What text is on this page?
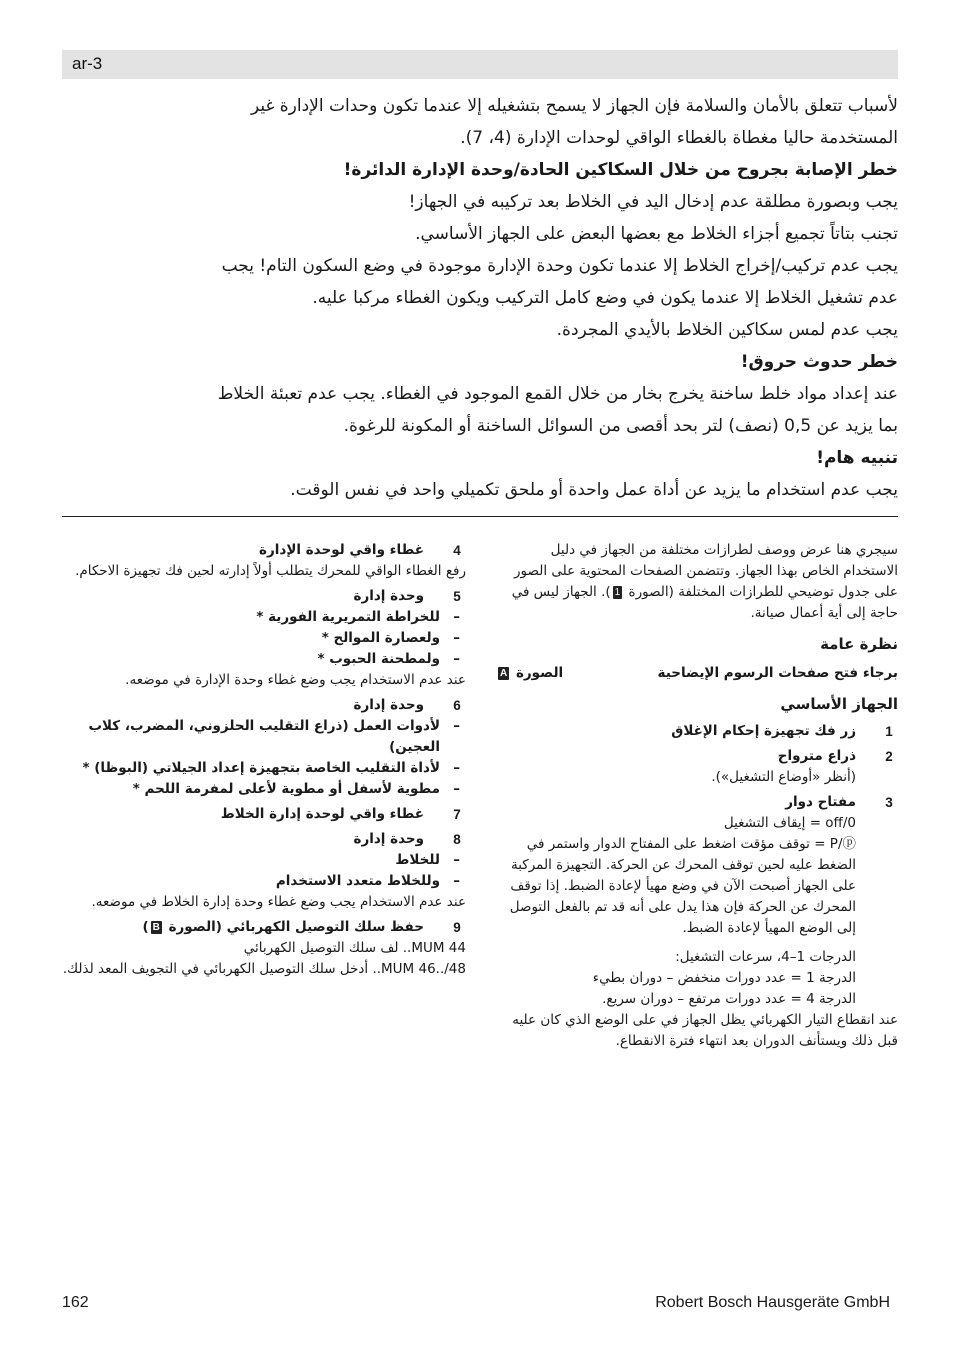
ar-3

لأسباب تتعلق بالأمان والسلامة فإن الجهاز لا يسمح بتشغيله إلا عندما تكون وحدات الإدارة غير

المستخدمة حاليا مغطاة بالغطاء الواقي لوحدات الإدارة (4، 7).

خطر الإصابة بجروح من خلال السكاكين الحادة/وحدة الإدارة الدائرة!

يجب وبصورة مطلقة عدم إدخال اليد في الخلاط بعد تركيبه في الجهاز!

تجنب بتاتاً تجميع أجزاء الخلاط مع بعضها البعض على الجهاز الأساسي.

يجب عدم تركيب/إخراج الخلاط إلا عندما تكون وحدة الإدارة موجودة في وضع السكون التام! يجب

عدم تشغيل الخلاط إلا عندما يكون في وضع كامل التركيب ويكون الغطاء مركبا عليه.

يجب عدم لمس سكاكين الخلاط بالأيدي المجردة.

خطر حدوث حروق!

عند إعداد مواد خلط ساخنة يخرج بخار من خلال القمع الموجود في الغطاء. يجب عدم تعبئة الخلاط

بما يزيد عن 0,5 (نصف) لتر بحد أقصى من السوائل الساخنة أو المكونة للرغوة.

تنبيه هام!

يجب عدم استخدام ما يزيد عن أداة عمل واحدة أو ملحق تكميلي واحد في نفس الوقت.

سيجري هنا عرض ووصف لطرازات مختلفة من الجهاز في دليل الاستخدام الخاص بهذا الجهاز. وتتضمن الصفحات المحتوية على الصور على جدول توضيحي للطرازات المختلفة (الصورة 1). الجهاز ليس في حاجة إلى أية أعمال صيانة.

نظرة عامة

برجاء فتح صفحات الرسوم الإيضاحية
الصورة A

الجهاز الأساسي

1

زر فك تجهيزة إحكام الإغلاق

2

ذراع مترواح

(أنظر «أوضاع التشغيل»).

3

مفتاح دوار

off/0 = إيقاف التشغيل

P/ⓟ = توقف مؤقت اضغط على المفتاح الدوار واستمر في الضغط عليه لحين توقف المحرك عن الحركة. التجهيزة المركبة على الجهاز أصبحت الآن في وضع مهيأ لإعادة الضبط. إذا توقف المحرك عن الحركة فإن هذا يدل على أنه قد تم بالفعل التوصل إلى الوضع المهيأ لإعادة الضبط.

الدرجات 1–4، سرعات التشغيل:

الدرجة 1 = عدد دورات منخفض – دوران بطيء

الدرجة 4 = عدد دورات مرتفع – دوران سريع.

عند انقطاع التيار الكهربائي يظل الجهاز في على الوضع الذي كان عليه قبل ذلك ويستأنف الدوران بعد انتهاء فترة الانقطاع.

4

غطاء واقي لوحدة الإدارة

رفع الغطاء الواقي للمحرك يتطلب أولاً إدارته لحين فك تجهيزة الاحكام.

5

وحدة إدارة

–
للخراطة التمريرية الفورية *
–
ولعصارة الموالح *
–
ولمطحنة الحبوب *

عند عدم الاستخدام يجب وضع غطاء وحدة الإدارة في موضعه.

6

وحدة إدارة

–
لأدوات العمل (ذراع التقليب الحلزوني، المضرب، كلاب العجين)
–
لأداة التقليب الخاصة بتجهيزة إعداد الجيلاتي (البوظا) *
–
مطوية لأسفل أو مطوية لأعلى لمفرمة اللحم *
7

غطاء واقي لوحدة إدارة الخلاط

8

وحدة إدارة

–
للخلاط
–
وللخلاط متعدد الاستخدام

عند عدم الاستخدام يجب وضع غطاء وحدة إدارة الخلاط في موضعه.

9

حفظ سلك التوصيل الكهربائي (الصورة B)

MUM 44.. لف سلك التوصيل الكهربائي

MUM 46../48.. أدخل سلك التوصيل الكهربائي في التجويف المعد لذلك.

162	Robert Bosch Hausgeräte GmbH
